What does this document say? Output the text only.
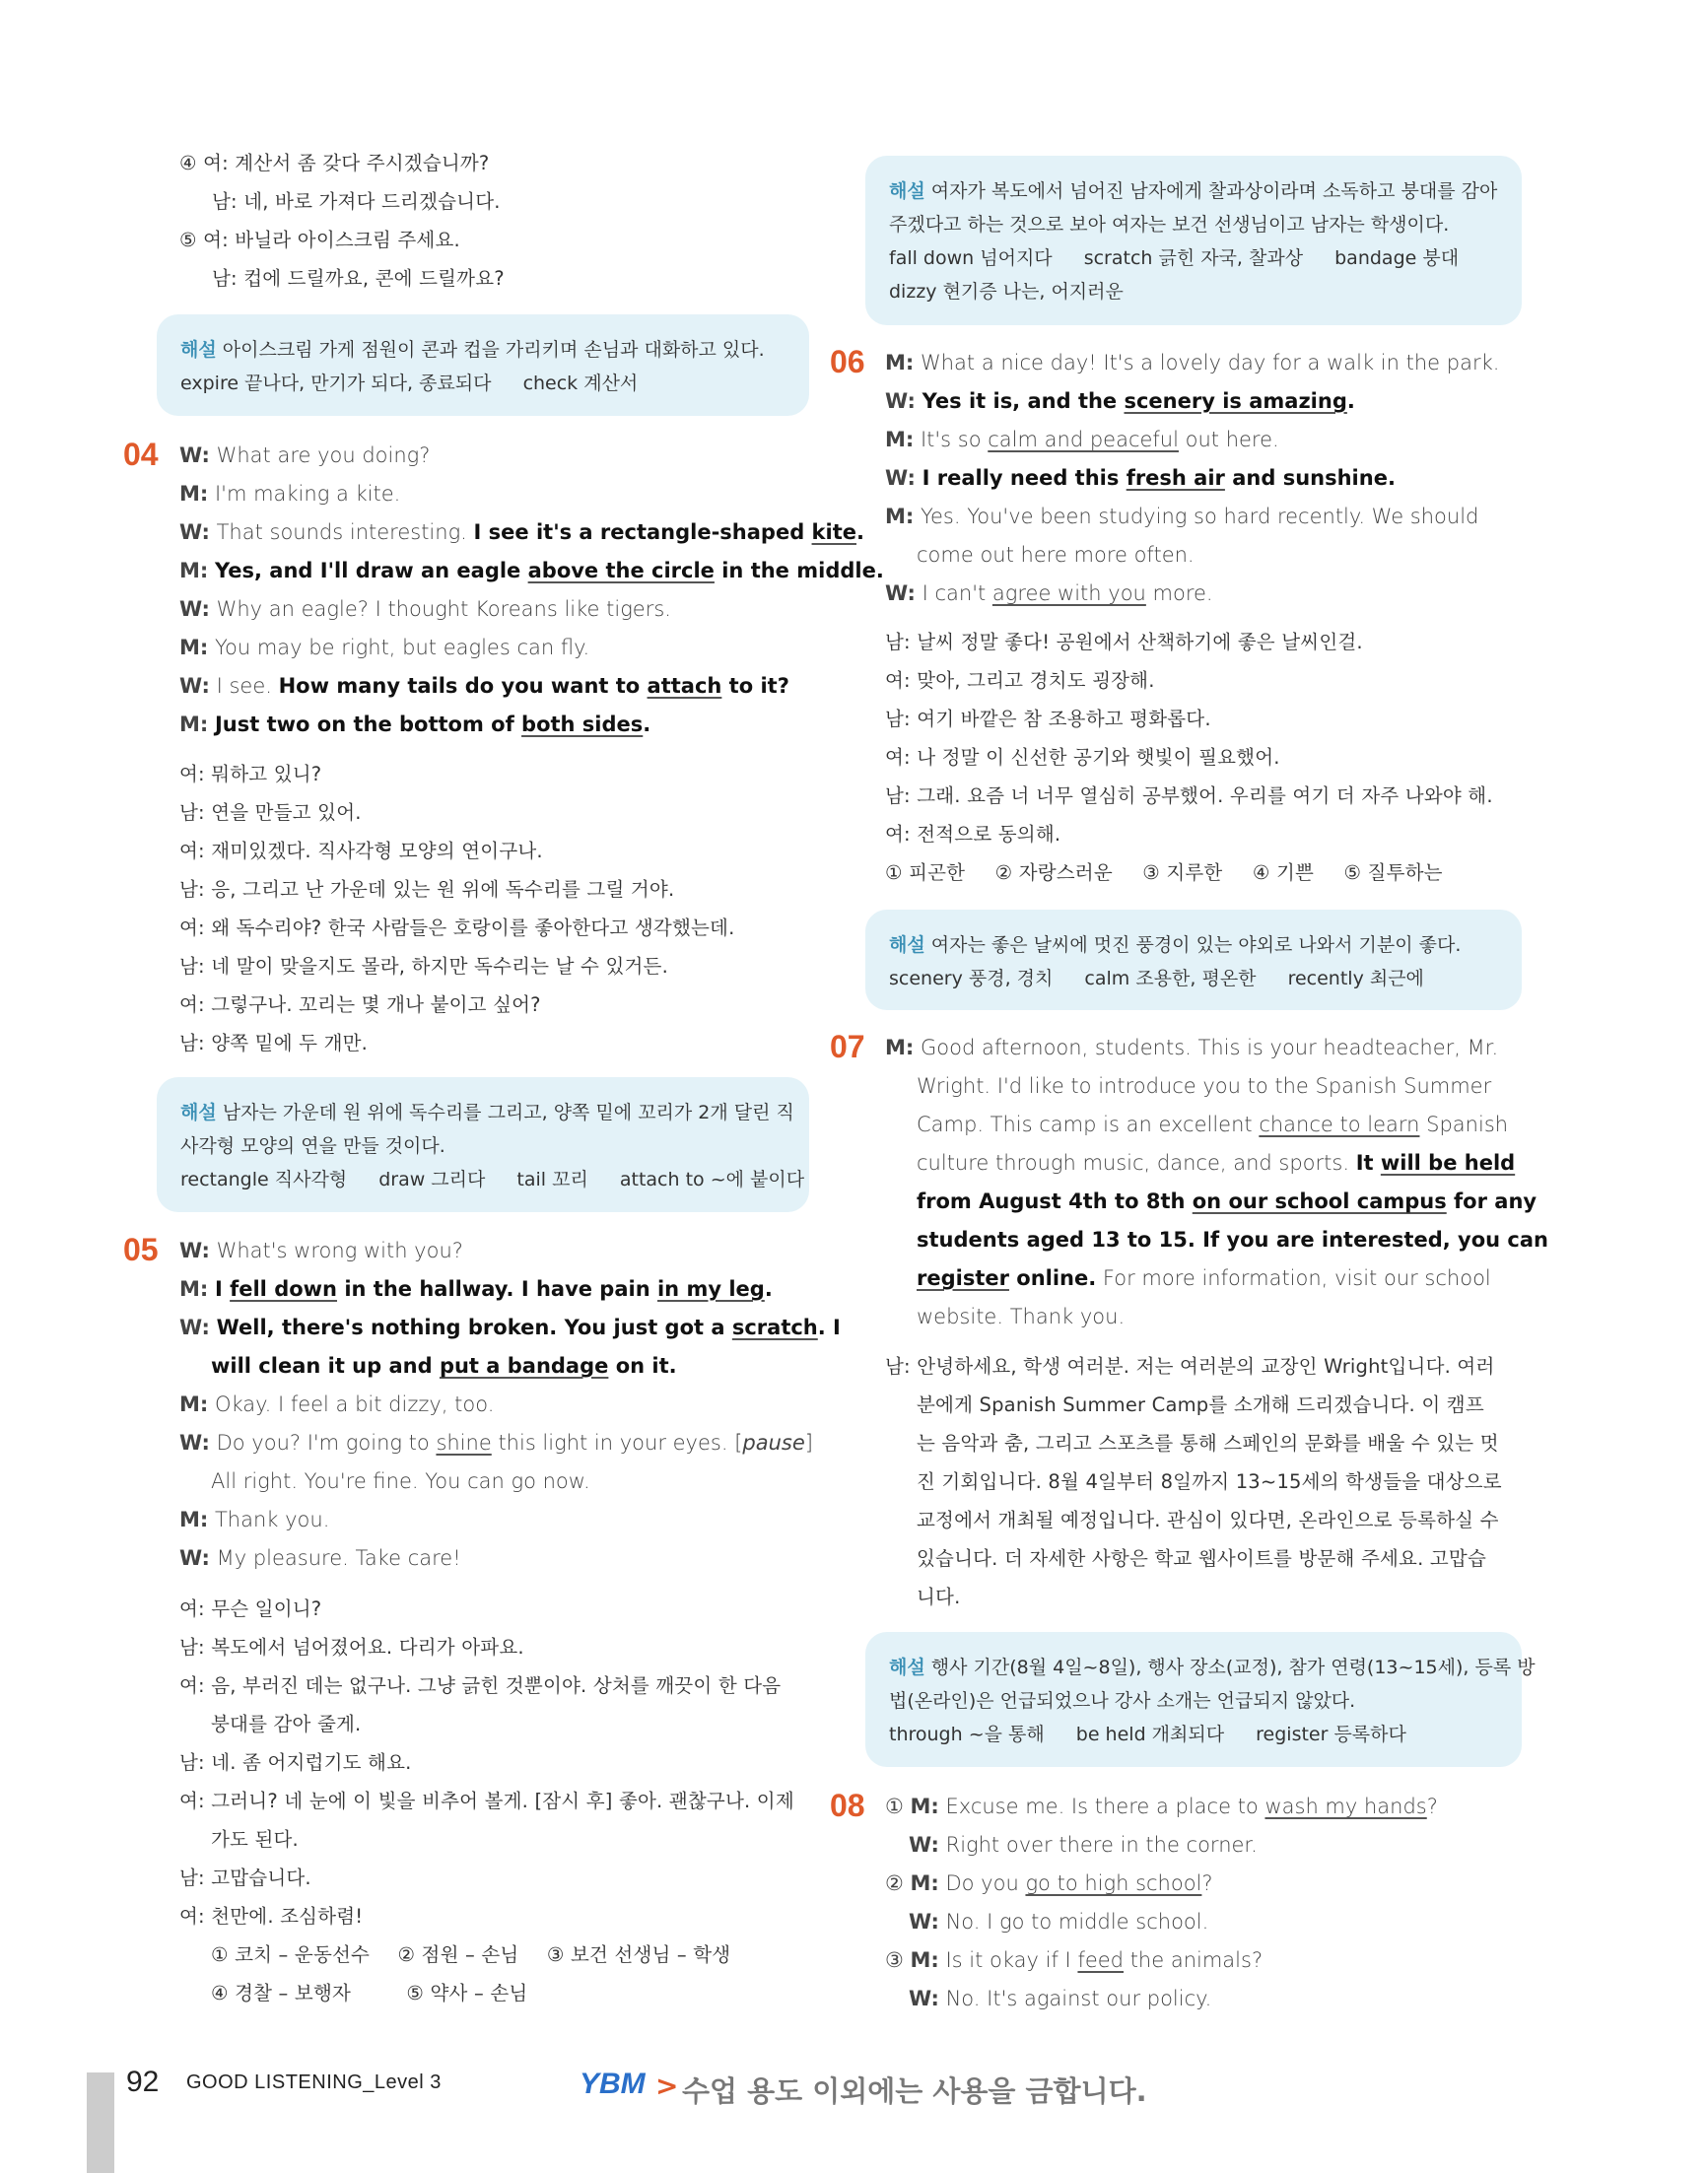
④ 여: 계산서 좀 갖다 주시겠습니까?
남: 네, 바로 가져다 드리겠습니다.
⑤ 여: 바닐라 아이스크림 주세요.
남: 컵에 드릴까요, 콘에 드릴까요?
해설 아이스크림 가게 점원이 콘과 컵을 가리키며 손님과 대화하고 있다.
expire 끝나다, 만기가 되다, 종료되다 check 계산서
04 W: What are you doing?
M: I'm making a kite.
W: That sounds interesting. I see it's a rectangle-shaped kite.
M: Yes, and I'll draw an eagle above the circle in the middle.
W: Why an eagle? I thought Koreans like tigers.
M: You may be right, but eagles can fly.
W: I see. How many tails do you want to attach to it?
M: Just two on the bottom of both sides.
여: 뭐하고 있니?
남: 연을 만들고 있어.
여: 재미있겠다. 직사각형 모양의 연이구나.
남: 응, 그리고 난 가운데 있는 원 위에 독수리를 그릴 거야.
여: 왜 독수리야? 한국 사람들은 호랑이를 좋아한다고 생각했는데.
남: 네 말이 맞을지도 몰라, 하지만 독수리는 날 수 있거든.
여: 그렇구나. 꼬리는 몇 개나 붙이고 싶어?
남: 양쪽 밑에 두 개만.
해설 남자는 가운데 원 위에 독수리를 그리고, 양쪽 밑에 꼬리가 2개 달린 직
사각형 모양의 연을 만들 것이다.
rectangle 직사각형 draw 그리다 tail 꼬리 attach to ~에 붙이다
05 W: What's wrong with you?
M: I fell down in the hallway. I have pain in my leg.
W: Well, there's nothing broken. You just got a scratch. I
will clean it up and put a bandage on it.
M: Okay. I feel a bit dizzy, too.
W: Do you? I'm going to shine this light in your eyes. [pause]
All right. You're fine. You can go now.
M: Thank you.
W: My pleasure. Take care!
여: 무슨 일이니?
남: 복도에서 넘어졌어요. 다리가 아파요.
여: 음, 부러진 데는 없구나. 그냥 긁힌 것뿐이야. 상처를 깨끗이 한 다음
붕대를 감아 줄게.
남: 네. 좀 어지럽기도 해요.
여: 그러니? 네 눈에 이 빛을 비추어 볼게. [잠시 후] 좋아. 괜찮구나. 이제
가도 된다.
남: 고맙습니다.
여: 천만에. 조심하렴!
① 코치 – 운동선수 ② 점원 – 손님 ③ 보건 선생님 – 학생
④ 경찰 – 보행자	⑤ 약사 – 손님
해설 여자가 복도에서 넘어진 남자에게 찰과상이라며 소독하고 붕대를 감아
주겠다고 하는 것으로 보아 여자는 보건 선생님이고 남자는 학생이다.
fall down 넘어지다 scratch 긁힌 자국, 찰과상 bandage 붕대
dizzy 현기증 나는, 어지러운
06 M: What a nice day! It's a lovely day for a walk in the park.
W: Yes it is, and the scenery is amazing.
M: It's so calm and peaceful out here.
W: I really need this fresh air and sunshine.
M: Yes. You've been studying so hard recently. We should
come out here more often.
W: I can't agree with you more.
남: 날씨 정말 좋다! 공원에서 산책하기에 좋은 날씨인걸.
여: 맞아, 그리고 경치도 굉장해.
남: 여기 바깥은 참 조용하고 평화롭다.
여: 나 정말 이 신선한 공기와 햇빛이 필요했어.
남: 그래. 요즘 너 너무 열심히 공부했어. 우리를 여기 더 자주 나와야 해.
여: 전적으로 동의해.
① 피곤한 ② 자랑스러운 ③ 지루한 ④ 기쁜 ⑤ 질투하는
해설 여자는 좋은 날씨에 멋진 풍경이 있는 야외로 나와서 기분이 좋다.
scenery 풍경, 경치 calm 조용한, 평온한 recently 최근에
07 M: Good afternoon, students. This is your headteacher, Mr.
Wright. I'd like to introduce you to the Spanish Summer
Camp. This camp is an excellent chance to learn Spanish
culture through music, dance, and sports. It will be held
from August 4th to 8th on our school campus for any
students aged 13 to 15. If you are interested, you can
register online. For more information, visit our school
website. Thank you.
남: 안녕하세요, 학생 여러분. 저는 여러분의 교장인 Wright입니다. 여러
분에게 Spanish Summer Camp를 소개해 드리겠습니다. 이 캠프
는 음악과 춤, 그리고 스포츠를 통해 스페인의 문화를 배울 수 있는 멋
진 기회입니다. 8월 4일부터 8일까지 13~15세의 학생들을 대상으로
교정에서 개최될 예정입니다. 관심이 있다면, 온라인으로 등록하실 수
있습니다. 더 자세한 사항은 학교 웹사이트를 방문해 주세요. 고맙습
니다.
해설 행사 기간(8월 4일~8일), 행사 장소(교정), 참가 연령(13~15세), 등록 방
법(온라인)은 언급되었으나 강사 소개는 언급되지 않았다.
through ~을 통해 be held 개최되다 register 등록하다
08 ① M: Excuse me. Is there a place to wash my hands?
W: Right over there in the corner.
② M: Do you go to high school?
W: No. I go to middle school.
③ M: Is it okay if I feed the animals?
W: No. It's against our policy.
92 GOOD LISTENING_Level 3	YBM > 수업 용도 이외에는 사용을 금합니다.
